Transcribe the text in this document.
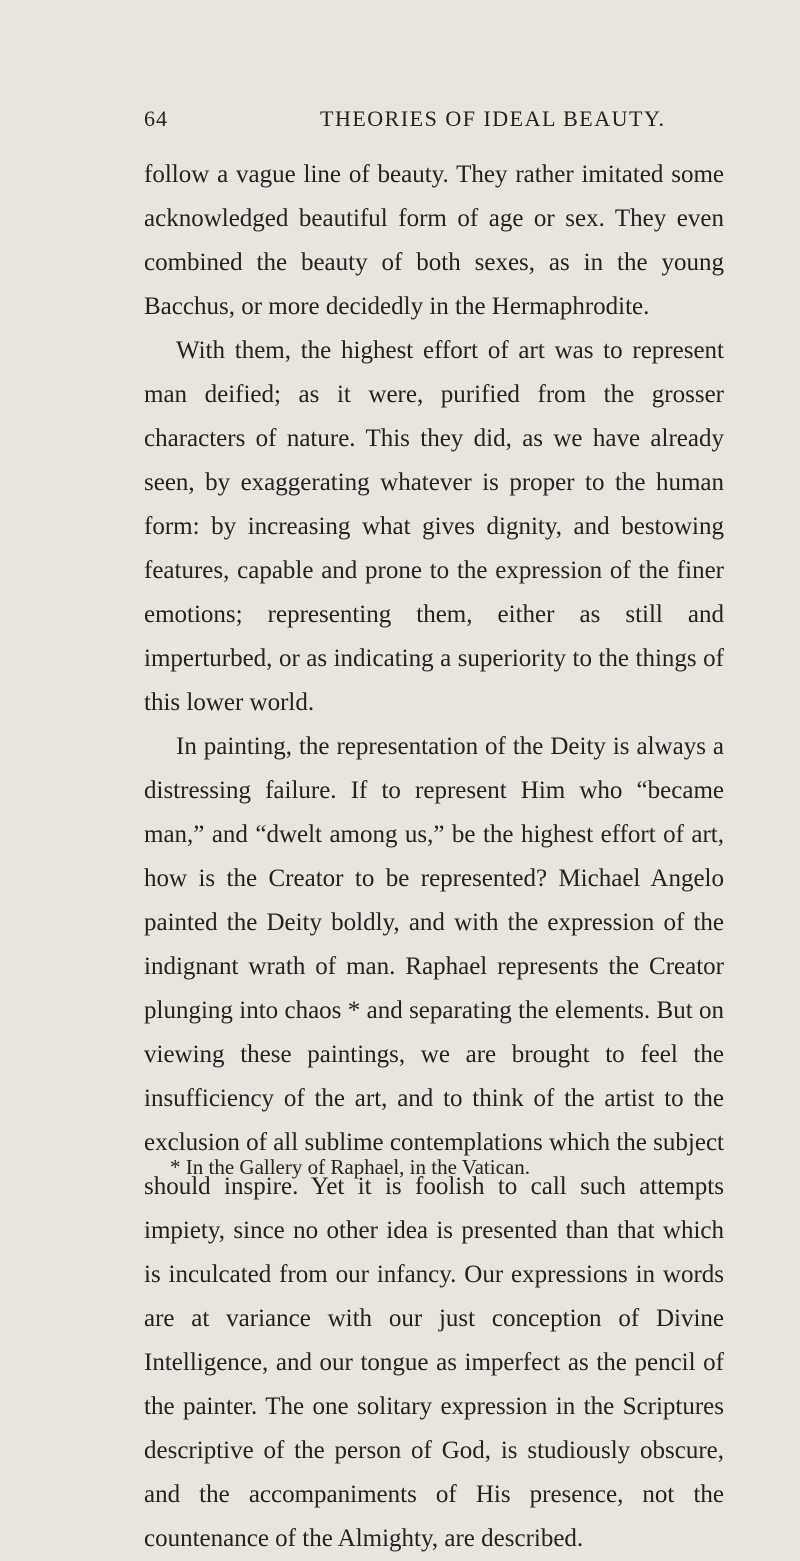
64	THEORIES OF IDEAL BEAUTY.

follow a vague line of beauty. They rather imitated some acknowledged beautiful form of age or sex. They even combined the beauty of both sexes, as in the young Bacchus, or more decidedly in the Hermaphrodite.

With them, the highest effort of art was to represent man deified; as it were, purified from the grosser characters of nature. This they did, as we have already seen, by exaggerating whatever is proper to the human form: by increasing what gives dignity, and bestowing features, capable and prone to the expression of the finer emotions; representing them, either as still and imperturbed, or as indicating a superiority to the things of this lower world.

In painting, the representation of the Deity is always a distressing failure. If to represent Him who “became man,” and “dwelt among us,” be the highest effort of art, how is the Creator to be represented? Michael Angelo painted the Deity boldly, and with the expression of the indignant wrath of man. Raphael represents the Creator plunging into chaos * and separating the elements. But on viewing these paintings, we are brought to feel the insufficiency of the art, and to think of the artist to the exclusion of all sublime contemplations which the subject should inspire. Yet it is foolish to call such attempts impiety, since no other idea is presented than that which is inculcated from our infancy. Our expressions in words are at variance with our just conception of Divine Intelligence, and our tongue as imperfect as the pencil of the painter. The one solitary expression in the Scriptures descriptive of the person of God, is studiously obscure, and the accompaniments of His presence, not the countenance of the Almighty, are described.

* In the Gallery of Raphael, in the Vatican.
